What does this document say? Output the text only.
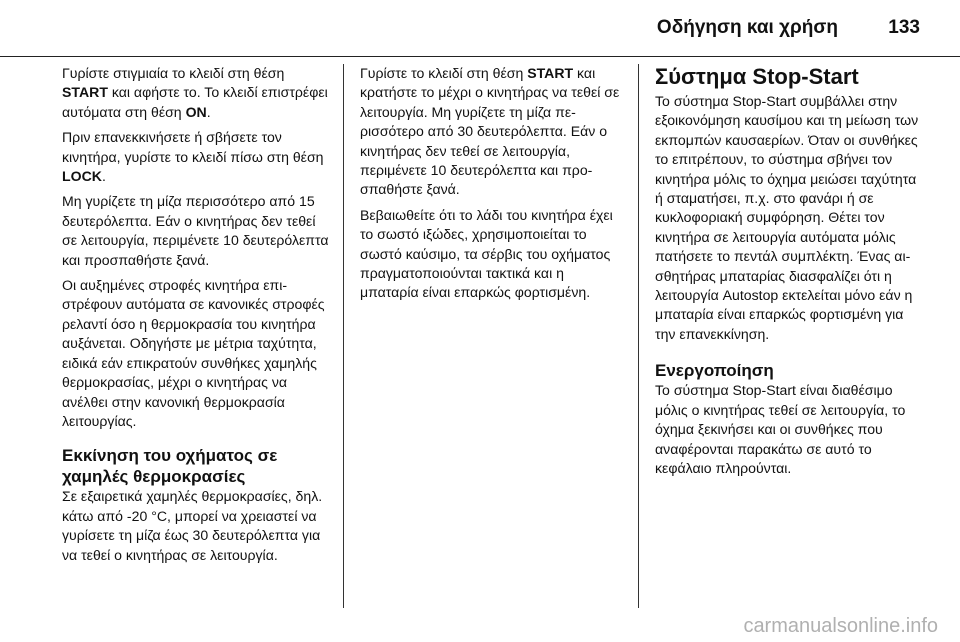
Οδήγηση και χρήση	133

Γυρίστε στιγμιαία το κλειδί στη θέση START και αφήστε το. Το κλειδί επιστρέφει αυτόματα στη θέση ON.

Πριν επανεκκινήσετε ή σβήσετε τον κινητήρα, γυρίστε το κλειδί πίσω στη θέση LOCK.

Μη γυρίζετε τη μίζα περισσότερο από 15 δευτερόλεπτα. Εάν ο κινητήρας δεν τεθεί σε λειτουργία, περιμένετε 10 δευτερόλεπτα και προσπαθήστε ξανά.

Οι αυξημένες στροφές κινητήρα επιστρέφουν αυτόματα σε κανονικές στροφές ρελαντί όσο η θερμοκρασία του κινητήρα αυξάνεται. Οδηγήστε με μέτρια ταχύτητα, ειδικά εάν επικρατούν συνθήκες χαμηλής θερμοκρασίας, μέχρι ο κινητήρας να ανέλθει στην κανονική θερμοκρασία λειτουργίας.

Εκκίνηση του οχήματος σε χαμηλές θερμοκρασίες

Σε εξαιρετικά χαμηλές θερμοκρασίες, δηλ. κάτω από -20 °C, μπορεί να χρειαστεί να γυρίσετε τη μίζα έως 30 δευτερόλεπτα για να τεθεί ο κινητήρας σε λειτουργία.

Γυρίστε το κλειδί στη θέση START και κρατήστε το μέχρι ο κινητήρας να τεθεί σε λειτουργία. Μη γυρίζετε τη μίζα περισσότερο από 30 δευτερόλεπτα. Εάν ο κινητήρας δεν τεθεί σε λειτουργία, περιμένετε 10 δευτερόλεπτα και προσπαθήστε ξανά.

Βεβαιωθείτε ότι το λάδι του κινητήρα έχει το σωστό ιξώδες, χρησιμοποιείται το σωστό καύσιμο, τα σέρβις του οχήματος πραγματοποιούνται τακτικά και η μπαταρία είναι επαρκώς φορτισμένη.

Σύστημα Stop-Start

Το σύστημα Stop-Start συμβάλλει στην εξοικονόμηση καυσίμου και τη μείωση των εκπομπών καυσαερίων. Όταν οι συνθήκες το επιτρέπουν, το σύστημα σβήνει τον κινητήρα μόλις το όχημα μειώσει ταχύτητα ή σταματήσει, π.χ. στο φανάρι ή σε κυκλοφοριακή συμφόρηση. Θέτει τον κινητήρα σε λειτουργία αυτόματα μόλις πατήσετε το πεντάλ συμπλέκτη. Ένας αισθητήρας μπαταρίας διασφαλίζει ότι η λειτουργία Autostop εκτελείται μόνο εάν η μπαταρία είναι επαρκώς φορτισμένη για την επανεκκίνηση.

Ενεργοποίηση

Το σύστημα Stop-Start είναι διαθέσιμο μόλις ο κινητήρας τεθεί σε λειτουργία, το όχημα ξεκινήσει και οι συνθήκες που αναφέρονται παρακάτω σε αυτό το κεφάλαιο πληρούνται.

carmanualsonline.info
